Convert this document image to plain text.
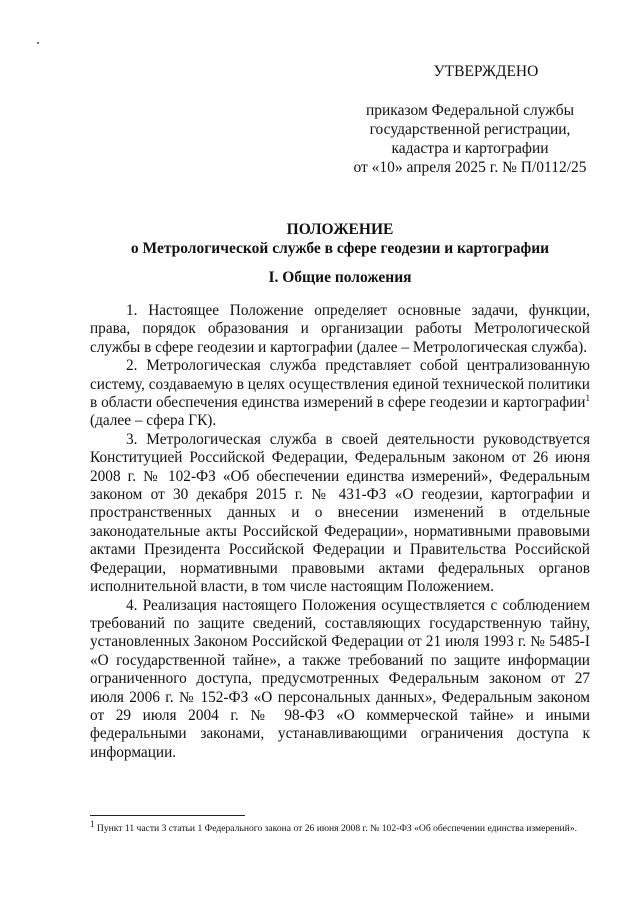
УТВЕРЖДЕНО
приказом Федеральной службы
государственной регистрации,
кадастра и картографии
от «10» апреля 2025 г. № П/0112/25
ПОЛОЖЕНИЕ
о Метрологической службе в сфере геодезии и картографии
I. Общие положения

1. Настоящее Положение определяет основные задачи, функции, права, порядок образования и организации работы Метрологической службы в сфере геодезии и картографии (далее – Метрологическая служба).

2. Метрологическая служба представляет собой централизованную систему, создаваемую в целях осуществления единой технической политики в области обеспечения единства измерений в сфере геодезии и картографии$^1$ (далее – сфера ГК).

3. Метрологическая служба в своей деятельности руководствуется Конституцией Российской Федерации, Федеральным законом от 26 июня 2008 г. № 102-ФЗ «Об обеспечении единства измерений», Федеральным законом от 30 декабря 2015 г. № 431-ФЗ «О геодезии, картографии и пространственных данных и о внесении изменений в отдельные законодательные акты Российской Федерации», нормативными правовыми актами Президента Российской Федерации и Правительства Российской Федерации, нормативными правовыми актами федеральных органов исполнительной власти, в том числе настоящим Положением.

4. Реализация настоящего Положения осуществляется с соблюдением требований по защите сведений, составляющих государственную тайну, установленных Законом Российской Федерации от 21 июля 1993 г. № 5485-I «О государственной тайне», а также требований по защите информации ограниченного доступа, предусмотренных Федеральным законом от 27 июля 2006 г. № 152-ФЗ «О персональных данных», Федеральным законом от 29 июля 2004 г. № 98-ФЗ «О коммерческой тайне» и иными федеральными законами, устанавливающими ограничения доступа к информации.

$^1$ Пункт 11 части 3 статьи 1 Федерального закона от 26 июня 2008 г. № 102-ФЗ «Об обеспечении единства измерений».
